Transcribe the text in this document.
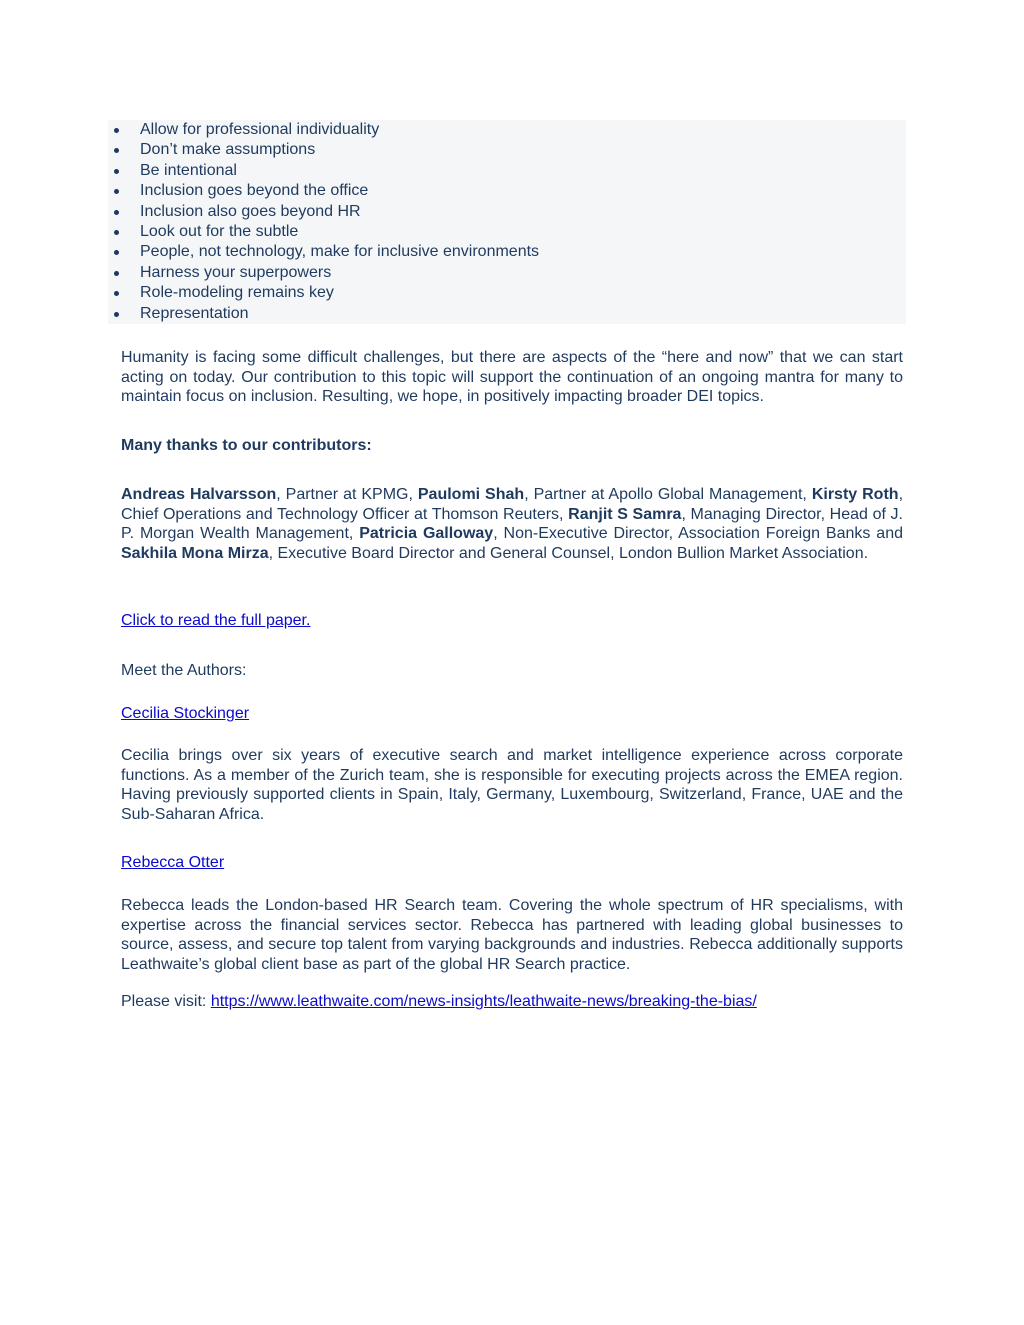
Allow for professional individuality
Don’t make assumptions
Be intentional
Inclusion goes beyond the office
Inclusion also goes beyond HR
Look out for the subtle
People, not technology, make for inclusive environments
Harness your superpowers
Role-modeling remains key
Representation

Humanity is facing some difficult challenges, but there are aspects of the “here and now” that we can start acting on today. Our contribution to this topic will support the continuation of an ongoing mantra for many to maintain focus on inclusion. Resulting, we hope, in positively impacting broader DEI topics.

Many thanks to our contributors:

Andreas Halvarsson, Partner at KPMG, Paulomi Shah, Partner at Apollo Global Management, Kirsty Roth, Chief Operations and Technology Officer at Thomson Reuters, Ranjit S Samra, Managing Director, Head of J. P. Morgan Wealth Management, Patricia Galloway, Non-Executive Director, Association Foreign Banks and Sakhila Mona Mirza, Executive Board Director and General Counsel, London Bullion Market Association.

Click to read the full paper.

Meet the Authors:

Cecilia Stockinger

Cecilia brings over six years of executive search and market intelligence experience across corporate functions. As a member of the Zurich team, she is responsible for executing projects across the EMEA region. Having previously supported clients in Spain, Italy, Germany, Luxembourg, Switzerland, France, UAE and the Sub-Saharan Africa.

Rebecca Otter

Rebecca leads the London-based HR Search team. Covering the whole spectrum of HR specialisms, with expertise across the financial services sector. Rebecca has partnered with leading global businesses to source, assess, and secure top talent from varying backgrounds and industries. Rebecca additionally supports Leathwaite’s global client base as part of the global HR Search practice.

Please visit: https://www.leathwaite.com/news-insights/leathwaite-news/breaking-the-bias/
